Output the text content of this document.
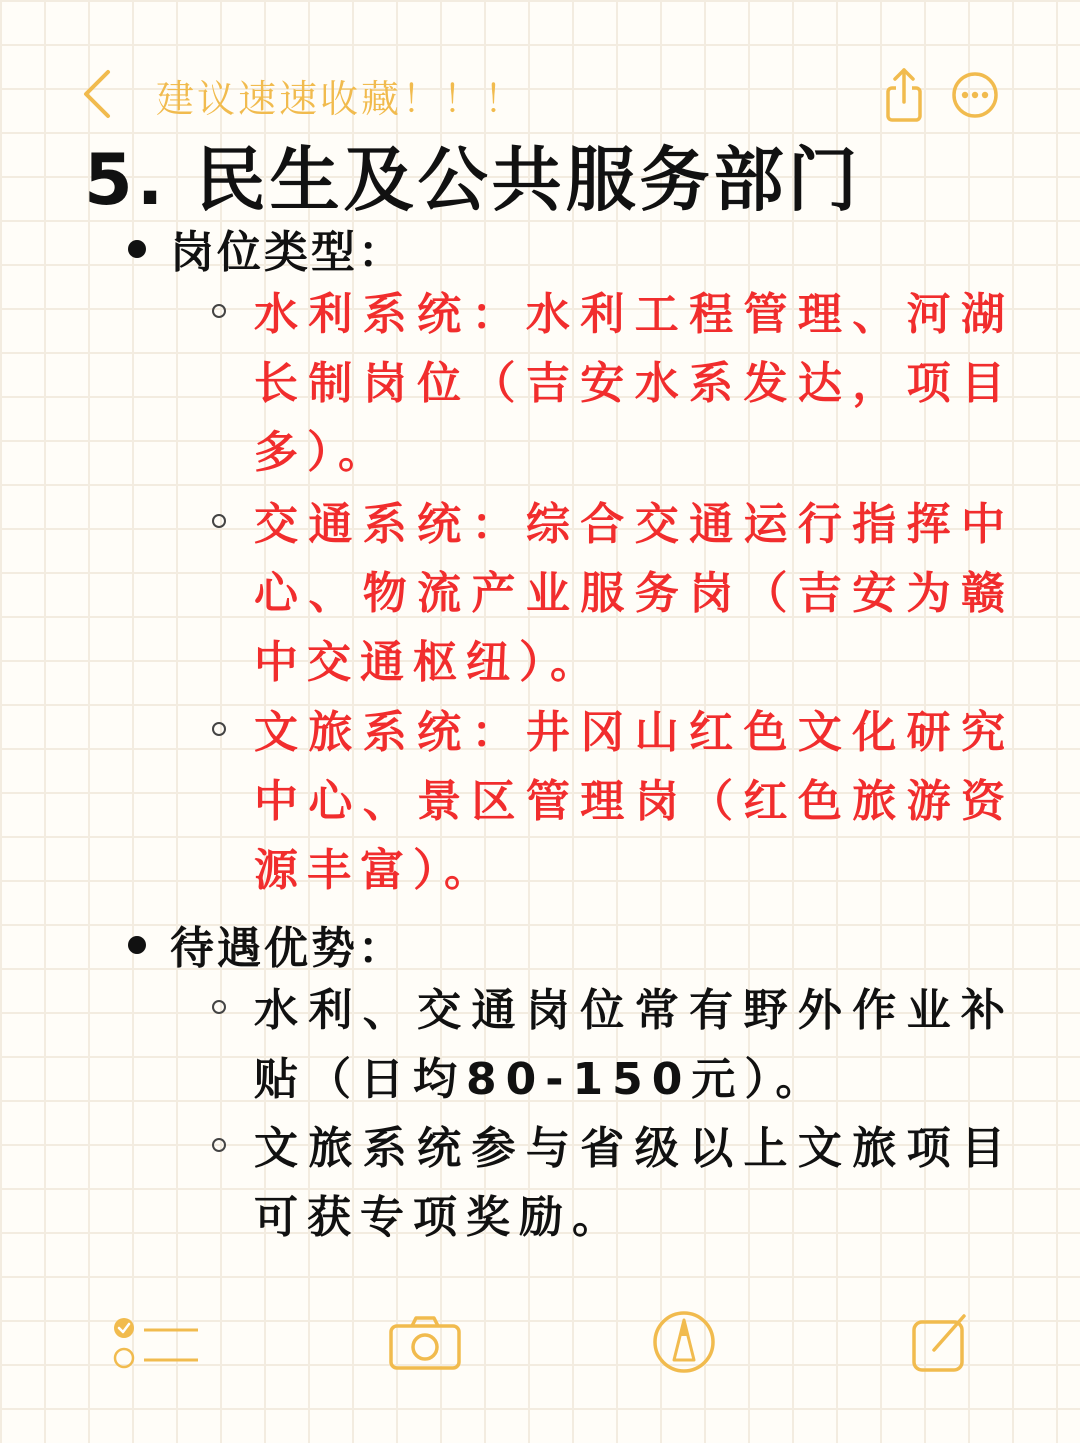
建议速速收藏！！！
5. 民生及公共服务部门
岗位类型：
水利系统：水利工程管理、河湖长制岗位（吉安水系发达，项目多）。
交通系统：综合交通运行指挥中心、物流产业服务岗（吉安为赣中交通枢纽）。
文旅系统：井冈山红色文化研究中心、景区管理岗（红色旅游资源丰富）。
待遇优势：
水利、交通岗位常有野外作业补贴（日均80-150元）。
文旅系统参与省级以上文旅项目可获专项奖励。
